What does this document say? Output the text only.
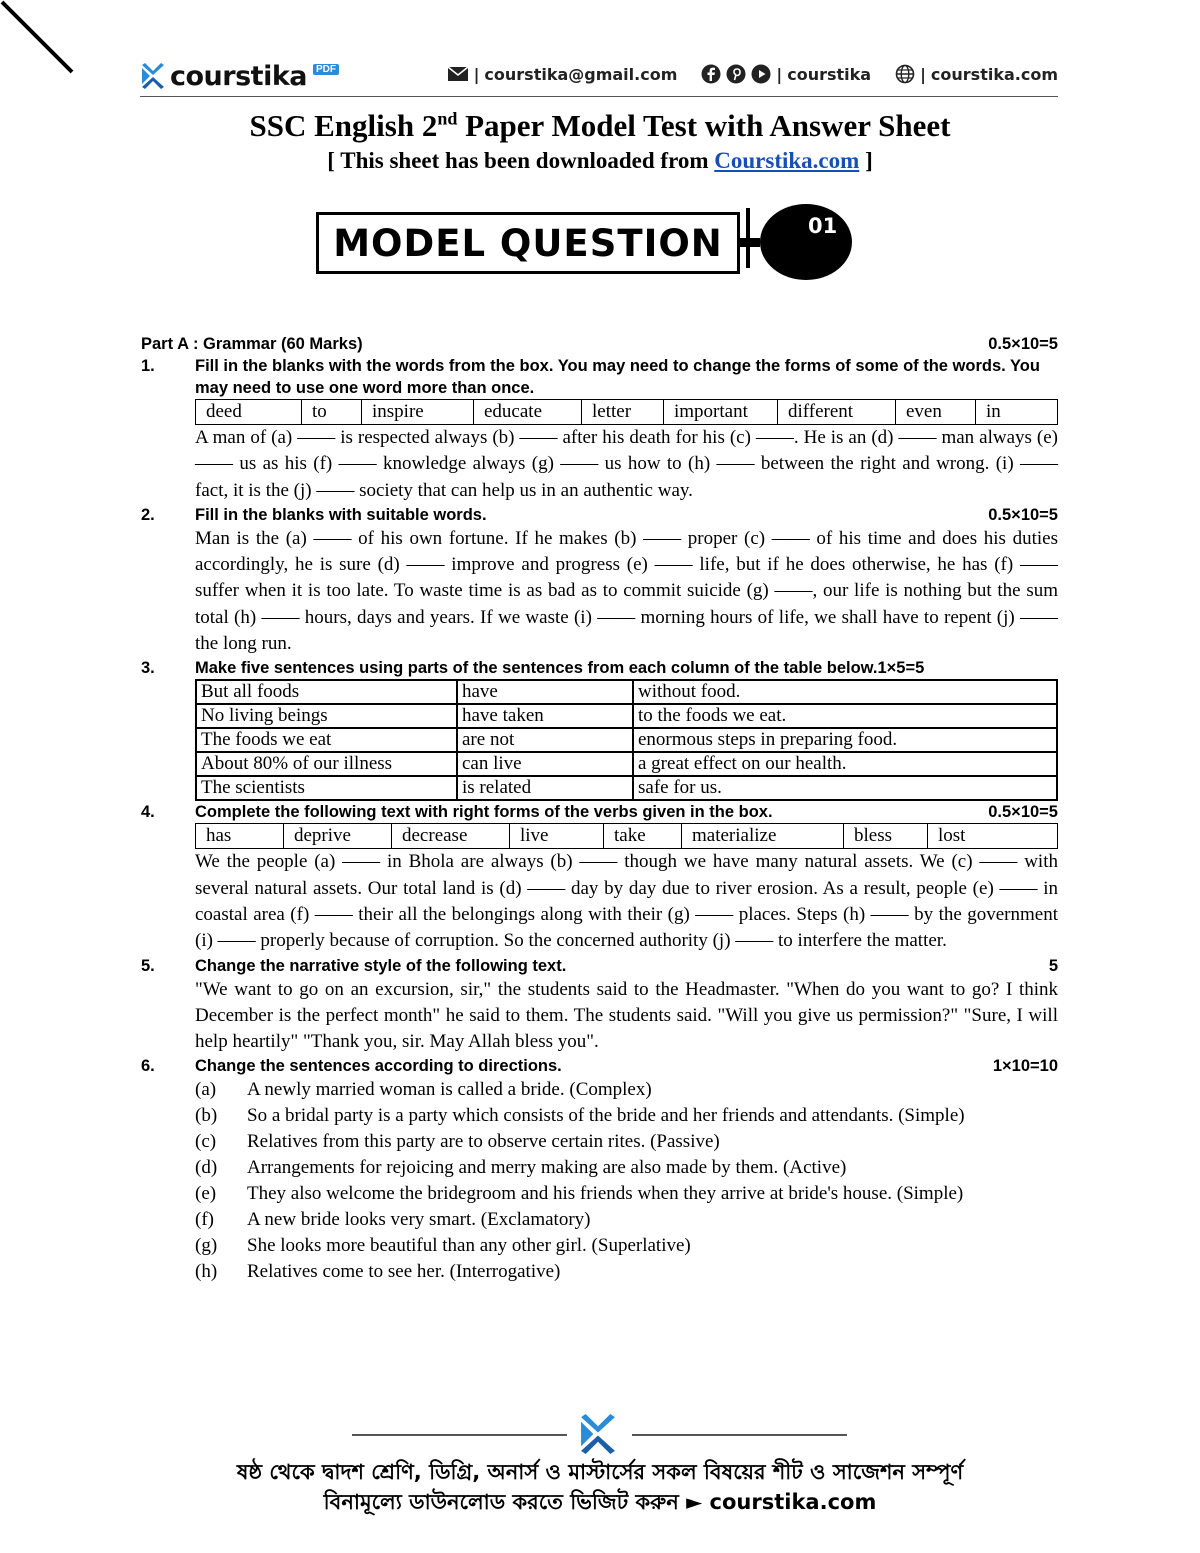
courstika PDF	| courstika@gmail.com	| courstika	| courstika.com
SSC English 2nd Paper Model Test with Answer Sheet
[ This sheet has been downloaded from Courstika.com ]
MODEL QUESTION	01
Part A : Grammar (60 Marks)	0.5×10=5
1.	Fill in the blanks with the words from the box. You may need to change the forms of some of the words. You may need to use one word more than once.
deed	to	inspire	educate	letter	important	different	even	in
A man of (a) —— is respected always (b) —— after his death for his (c) ——. He is an (d) —— man always (e) —— us as his (f) —— knowledge always (g) —— us how to (h) —— between the right and wrong. (i) —— fact, it is the (j) —— society that can help us in an authentic way.
2.	Fill in the blanks with suitable words.	0.5×10=5
Man is the (a) —— of his own fortune. If he makes (b) —— proper (c) —— of his time and does his duties accordingly, he is sure (d) —— improve and progress (e) —— life, but if he does otherwise, he has (f) —— suffer when it is too late. To waste time is as bad as to commit suicide (g) ——, our life is nothing but the sum total (h) —— hours, days and years. If we waste (i) —— morning hours of life, we shall have to repent (j) —— the long run.
3.	Make five sentences using parts of the sentences from each column of the table below.1×5=5
But all foods	have	without food.
No living beings	have taken	to the foods we eat.
The foods we eat	are not	enormous steps in preparing food.
About 80% of our illness	can live	a great effect on our health.
The scientists	is related	safe for us.
4.	Complete the following text with right forms of the verbs given in the box.	0.5×10=5
has	deprive	decrease	live	take	materialize	bless	lost
We the people (a) —— in Bhola are always (b) —— though we have many natural assets. We (c) —— with several natural assets. Our total land is (d) —— day by day due to river erosion. As a result, people (e) —— in coastal area (f) —— their all the belongings along with their (g) —— places. Steps (h) —— by the government (i) —— properly because of corruption. So the concerned authority (j) —— to interfere the matter.
5.	Change the narrative style of the following text.	5
"We want to go on an excursion, sir," the students said to the Headmaster. "When do you want to go? I think December is the perfect month" he said to them. The students said. "Will you give us permission?" "Sure, I will help heartily" "Thank you, sir. May Allah bless you".
6.	Change the sentences according to directions.	1×10=10
(a)	A newly married woman is called a bride. (Complex)
(b)	So a bridal party is a party which consists of the bride and her friends and attendants. (Simple)
(c)	Relatives from this party are to observe certain rites. (Passive)
(d)	Arrangements for rejoicing and merry making are also made by them. (Active)
(e)	They also welcome the bridegroom and his friends when they arrive at bride's house. (Simple)
(f)	A new bride looks very smart. (Exclamatory)
(g)	She looks more beautiful than any other girl. (Superlative)
(h)	Relatives come to see her. (Interrogative)
ষষ্ঠ থেকে দ্বাদশ শ্রেণি, ডিগ্রি, অনার্স ও মাস্টার্সের সকল বিষয়ের শীট ও সাজেশন সম্পূর্ণ
বিনামূল্যে ডাউনলোড করতে ভিজিট করুন ► courstika.com
